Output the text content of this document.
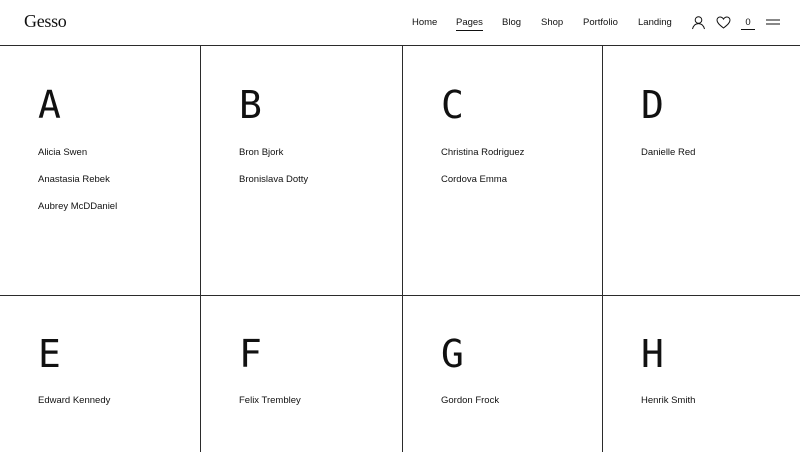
Gesso	Home Pages Blog Shop Portfolio Landing	0
A
Alicia Swen
Anastasia Rebek
Aubrey McDDaniel
B
Bron Bjork
Bronislava Dotty
C
Christina Rodriguez
Cordova Emma
D
Danielle Red
E
Edward Kennedy
F
Felix Trembley
G
Gordon Frock
H
Henrik Smith
